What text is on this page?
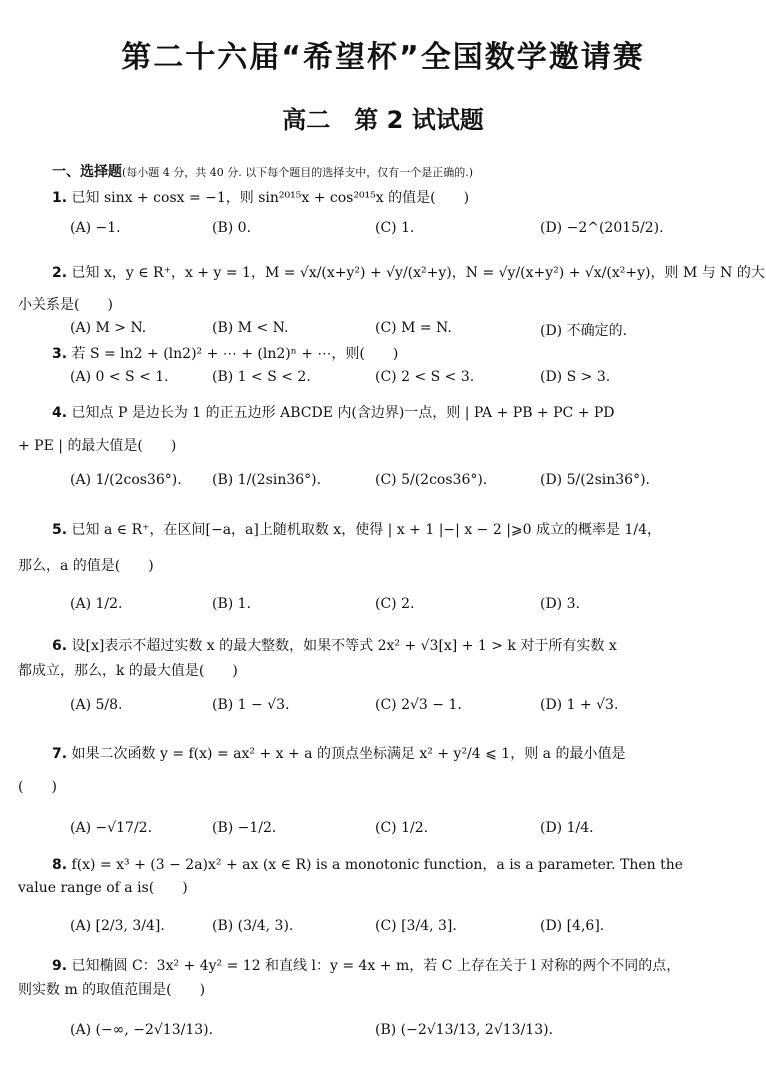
第二十六届“希望杯”全国数学邀请赛
高二　第 2 试试题
一、选择题(每小题 4 分，共 40 分. 以下每个题目的选择支中，仅有一个是正确的.)
1. 已知 sinx + cosx = −1，则 sin²⁰¹⁵x + cos²⁰¹⁵x 的值是(　　)
(A) −1.	(B) 0.	(C) 1.	(D) −2^(2015/2).
2. 已知 x，y ∈ R⁺，x + y = 1，M = √x/(x+y²) + √y/(x²+y)，N = √y/(x+y²) + √x/(x²+y)，则 M 与 N 的大
小关系是(　　)
(A) M > N.	(B) M < N.	(C) M = N.	(D) 不确定的.
3. 若 S = ln2 + (ln2)² + ⋯ + (ln2)ⁿ + ⋯，则(　　)
(A) 0 < S < 1.	(B) 1 < S < 2.	(C) 2 < S < 3.	(D) S > 3.
4. 已知点 P 是边长为 1 的正五边形 ABCDE 内(含边界)一点，则 | PA + PB + PC + PD
+ PE | 的最大值是(　　)
(A) 1/(2cos36°). (B) 1/(2sin36°).	(C) 5/(2cos36°).	(D) 5/(2sin36°).
5. 已知 a ∈ R⁺，在区间[−a，a]上随机取数 x，使得 | x + 1 |−| x − 2 |⩾0 成立的概率是 1/4，
那么，a 的值是(　　)
(A) 1/2.	(B) 1.	(C) 2.	(D) 3.
6. 设[x]表示不超过实数 x 的最大整数，如果不等式 2x² + √3[x] + 1 > k 对于所有实数 x
都成立，那么，k 的最大值是(　　)
(A) 5/8.	(B) 1 − √3.	(C) 2√3 − 1.	(D) 1 + √3.
7. 如果二次函数 y = f(x) = ax² + x + a 的顶点坐标满足 x² + y²/4 ⩽ 1，则 a 的最小值是
(　　)
(A) −√17/2.	(B) −1/2.	(C) 1/2.	(D) 1/4.
8. f(x) = x³ + (3 − 2a)x² + ax (x ∈ R) is a monotonic function，a is a parameter. Then the
value range of a is(　　)
(A) [2/3, 3/4].	(B) (3/4, 3).	(C) [3/4, 3].	(D) [4,6].
9. 已知椭圆 C：3x² + 4y² = 12 和直线 l：y = 4x + m，若 C 上存在关于 l 对称的两个不同的点，
则实数 m 的取值范围是(　　)
(A) (−∞, −2√13/13).	(B) (−2√13/13, 2√13/13).
